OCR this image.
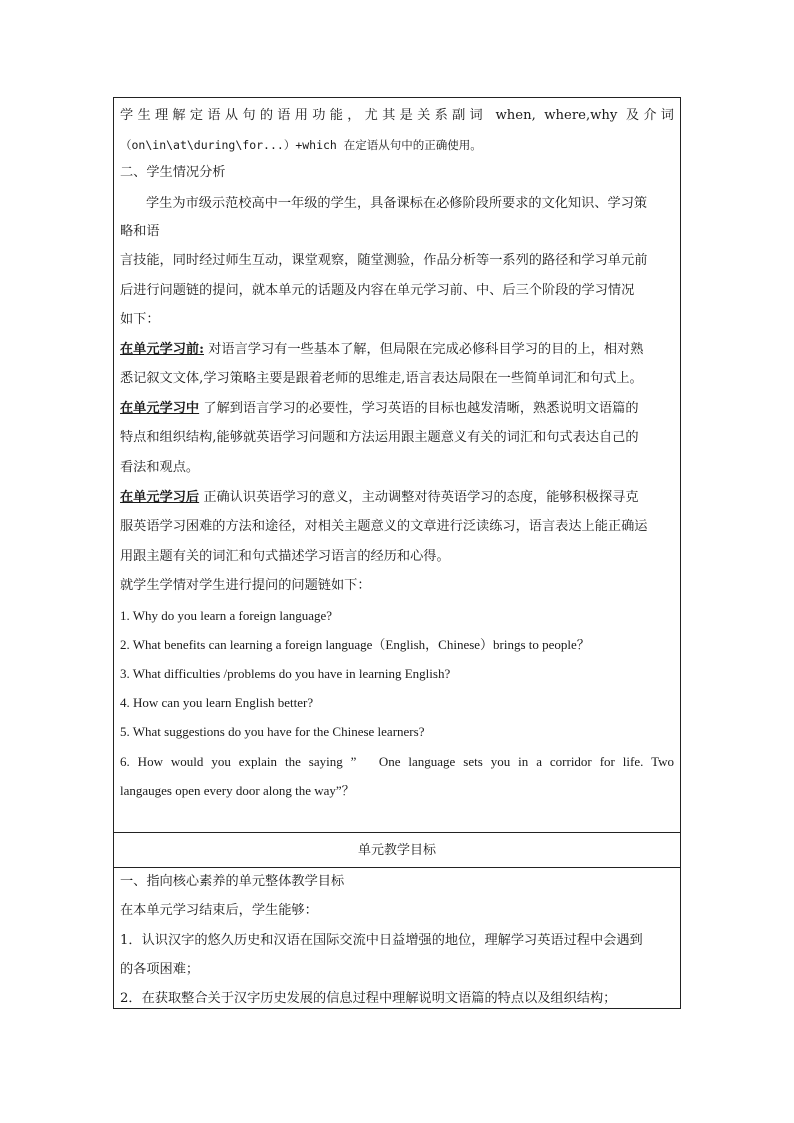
学生理解定语从句的语用功能，尤其是关系副词 when, where,why 及介词
（on\in\at\during\for...）+which 在定语从句中的正确使用。
二、学生情况分析
学生为市级示范校高中一年级的学生，具备课标在必修阶段所要求的文化知识、学习策
略和语
言技能，同时经过师生互动，课堂观察，随堂测验，作品分析等一系列的路径和学习单元前
后进行问题链的提问，就本单元的话题及内容在单元学习前、中、后三个阶段的学习情况
如下：
在单元学习前: 对语言学习有一些基本了解，但局限在完成必修科目学习的目的上，相对熟
悉记叙文文体,学习策略主要是跟着老师的思维走,语言表达局限在一些简单词汇和句式上。
在单元学习中 了解到语言学习的必要性，学习英语的目标也越发清晰，熟悉说明文语篇的
特点和组织结构,能够就英语学习问题和方法运用跟主题意义有关的词汇和句式表达自己的
看法和观点。
在单元学习后 正确认识英语学习的意义，主动调整对待英语学习的态度，能够积极探寻克
服英语学习困难的方法和途径，对相关主题意义的文章进行泛读练习，语言表达上能正确运
用跟主题有关的词汇和句式描述学习语言的经历和心得。
就学生学情对学生进行提问的问题链如下：
1. Why do you learn a foreign language?
2. What benefits can learning a foreign language（English，Chinese）brings to people？
3. What difficulties /problems do you have in learning English?
4. How can you learn English better?
5. What suggestions do you have for the Chinese learners?
6. How would you explain the saying ”　One language sets you in a corridor for life. Two
langauges open every door along the way”？
单元教学目标
一、指向核心素养的单元整体教学目标
在本单元学习结束后，学生能够：
1．认识汉字的悠久历史和汉语在国际交流中日益增强的地位，理解学习英语过程中会遇到
的各项困难；
2．在获取整合关于汉字历史发展的信息过程中理解说明文语篇的特点以及组织结构；
